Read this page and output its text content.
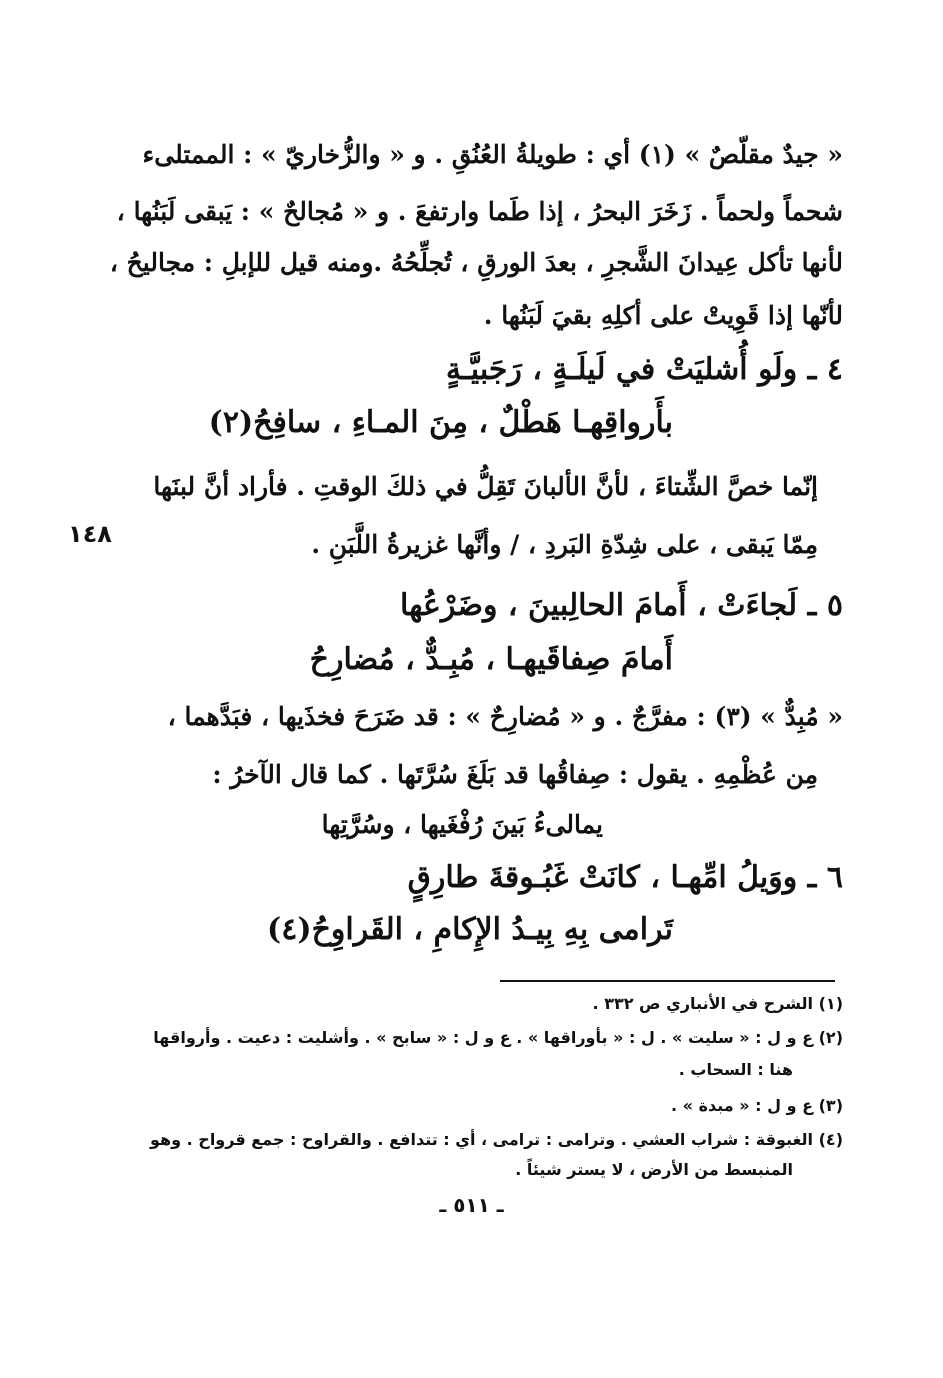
« جيدٌ مقلّصٌ » (١) أي : طويلةُ العُنُقِ . و « والزُّخاريّ » : الممتلىء
شحماً ولحماً . زَخَرَ البحرُ ، إذا طَما وارتفعَ . و « مُجالحٌ » : يَبقى لَبَنُها ،
لأنها تأكل عِيدانَ الشَّجرِ ، بعدَ الورقِ ، تُجلِّحُهُ .ومنه قيل للإبلِ : مجاليحُ ،
لأنّها إذا قَوِيتْ على أكلِهِ بقيَ لَبَنُها .
٤ ـ ولَو أُشليَتْ في لَيلَـةٍ ، رَجَبيَّـةٍ
بأَرواقِهـا هَطْلٌ ، مِنَ المـاءِ ، سافِحُ(٢)
إنّما خصَّ الشِّتاءَ ، لأنَّ الألبانَ تَقِلُّ في ذلكَ الوقتِ . فأراد أنَّ لبنَها
مِمّا يَبقى ، على شِدّةِ البَردِ ، / وأنَّها غزيرةُ اللَّبَنِ .
١٤٨
٥ ـ لَجاءَتْ ، أَمامَ الحالِبينَ ، وضَرْعُها
أَمامَ صِفاقَيهـا ، مُبِـدٌّ ، مُضارِحُ
« مُبِدٌّ » (٣) : مفرَّجٌ . و « مُضارِحٌ » : قد ضَرَحَ فخذَيها ، فبَدَّهما ،
مِن عُظْمِهِ . يقول : صِفاقُها قد بَلَغَ سُرَّتَها . كما قال الآخرُ :
يمالىءُ بَينَ رُفْغَيها ، وسُرَّتِها
٦ ـ ووَيلُ امِّهـا ، كانَتْ غَبُـوقةَ طارِقٍ
تَرامى بِهِ بِيـدُ الإِكامِ ، القَراوِحُ(٤)
(١) الشرح في الأنباري ص ٣٣٢ .
(٢) ع و ل : « سليت » . ل : « بأوراقها » . ع و ل : « سابح » . وأشليت : دعيت . وأرواقها
هنا : السحاب .
(٣) ع و ل : « مبدة » .
(٤) الغبوقة : شراب العشي . وترامى : ترامى ، أي : تتدافع . والقراوح : جمع قرواح . وهو
المنبسط من الأرض ، لا يستر شيئاً .
ـ ٥١١ ـ
